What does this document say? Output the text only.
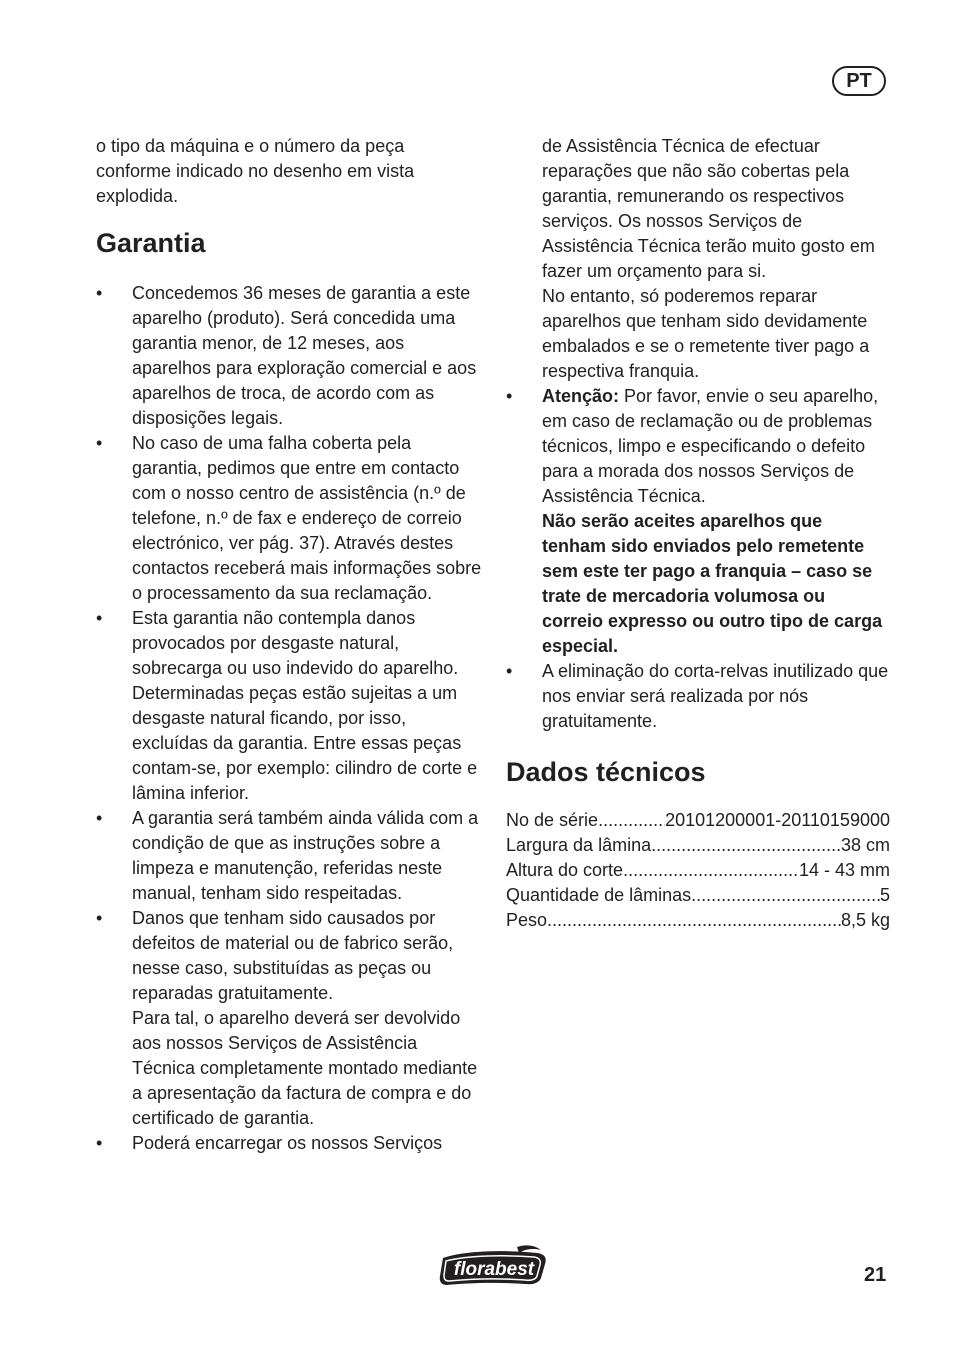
PT

o tipo da máquina e o número da peça conforme indicado no desenho em vista explodida.

Garantia
• Concedemos 36 meses de garantia a este aparelho (produto). Será concedida uma garantia menor, de 12 meses, aos aparelhos para exploração comercial e aos aparelhos de troca, de acordo com as disposições legais.
• No caso de uma falha coberta pela garantia, pedimos que entre em contacto com o nosso centro de assistência (n.º de telefone, n.º de fax e endereço de correio electrónico, ver pág. 37). Através destes contactos receberá mais informações sobre o processamento da sua reclamação.
• Esta garantia não contempla danos provocados por desgaste natural, sobrecarga ou uso indevido do aparelho. Determinadas peças estão sujeitas a um desgaste natural ficando, por isso, excluídas da garantia. Entre essas peças contam-se, por exemplo: cilindro de corte e lâmina inferior.
• A garantia será também ainda válida com a condição de que as instruções sobre a limpeza e manutenção, referidas neste manual, tenham sido respeitadas.
• Danos que tenham sido causados por defeitos de material ou de fabrico serão, nesse caso, substituídas as peças ou reparadas gratuitamente.
Para tal, o aparelho deverá ser devolvido aos nossos Serviços de Assistência Técnica completamente montado mediante a apresentação da factura de compra e do certificado de garantia.
• Poderá encarregar os nossos Serviços

de Assistência Técnica de efectuar reparações que não são cobertas pela garantia, remunerando os respectivos serviços. Os nossos Serviços de Assistência Técnica terão muito gosto em fazer um orçamento para si.

No entanto, só poderemos reparar aparelhos que tenham sido devidamente embalados e se o remetente tiver pago a respectiva franquia.

• Atenção: Por favor, envie o seu aparelho, em caso de reclamação ou de problemas técnicos, limpo e especificando o defeito para a morada dos nossos Serviços de Assistência Técnica.
Não serão aceites aparelhos que tenham sido enviados pelo remetente sem este ter pago a franquia – caso se trate de mercadoria volumosa ou correio expresso ou outro tipo de carga especial.
• A eliminação do corta-relvas inutilizado que nos enviar será realizada por nós gratuitamente.
Dados técnicos
No de série .....	20101200001-20110159000
Largura da lâmina .....	38 cm
Altura do corte .....	14 - 43 mm
Quantidade de lâminas .....	5
Peso .....	8,5 kg
florabest	21
